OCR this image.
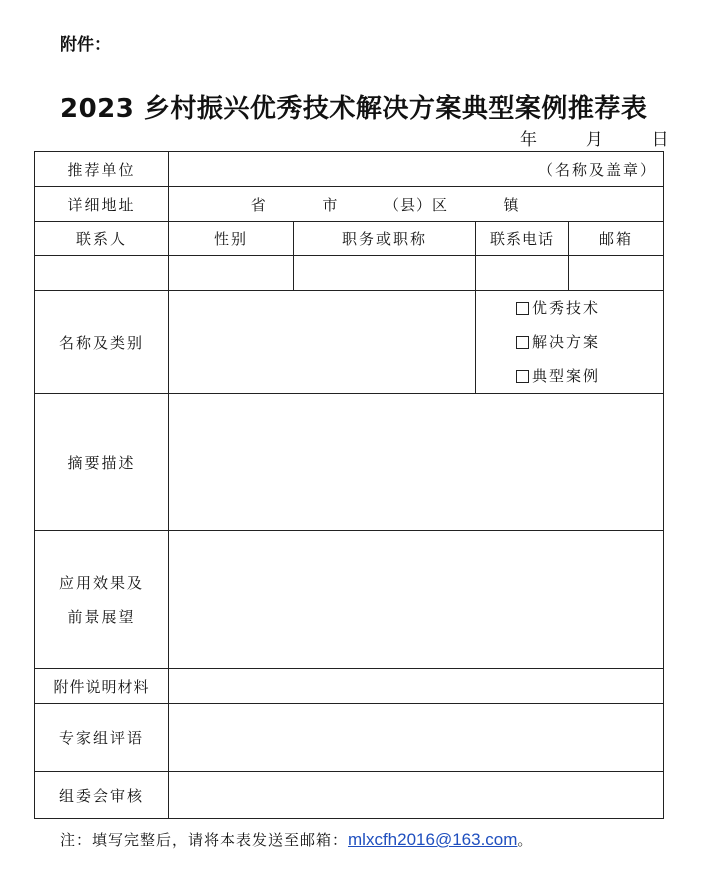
附件：
2023 乡村振兴优秀技术解决方案典型案例推荐表
年	月	日
推荐单位	（名称及盖章）			
详细地址	省 市 （县）区 镇			
联系人	性别	职务或职称	联系电话	邮箱

名称及类别			优秀技术
解决方案
典型案例	

摘要描述				

应用效果及
前景展望				

附件说明材料				
专家组评语				
组委会审核				
注：填写完整后，请将本表发送至邮箱：mlxcfh2016@163.com。
